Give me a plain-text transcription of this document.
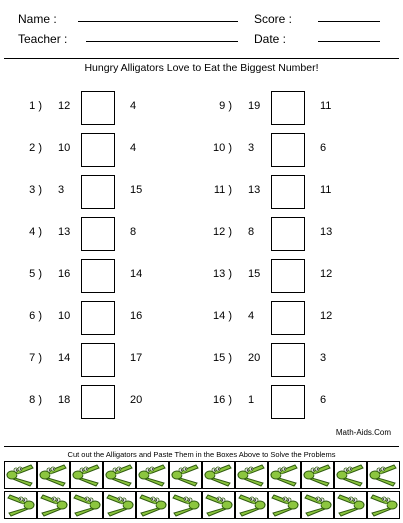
Name :	Score :
Teacher :	Date :
Hungry Alligators Love to Eat the Biggest Number!
1 ) 12	4
2 ) 10	4
3 ) 3	15
4 ) 13	8
5 ) 16	14
6 ) 10	16
7 ) 14	17
8 ) 18	20
9 ) 19	11
10 ) 3	6
11 ) 13	11
12 ) 8	13
13 ) 15	12
14 ) 4	12
15 ) 20	3
16 ) 1	6
Math-Aids.Com
Cut out the Alligators and Paste Them in the Boxes Above to Solve the Problems
